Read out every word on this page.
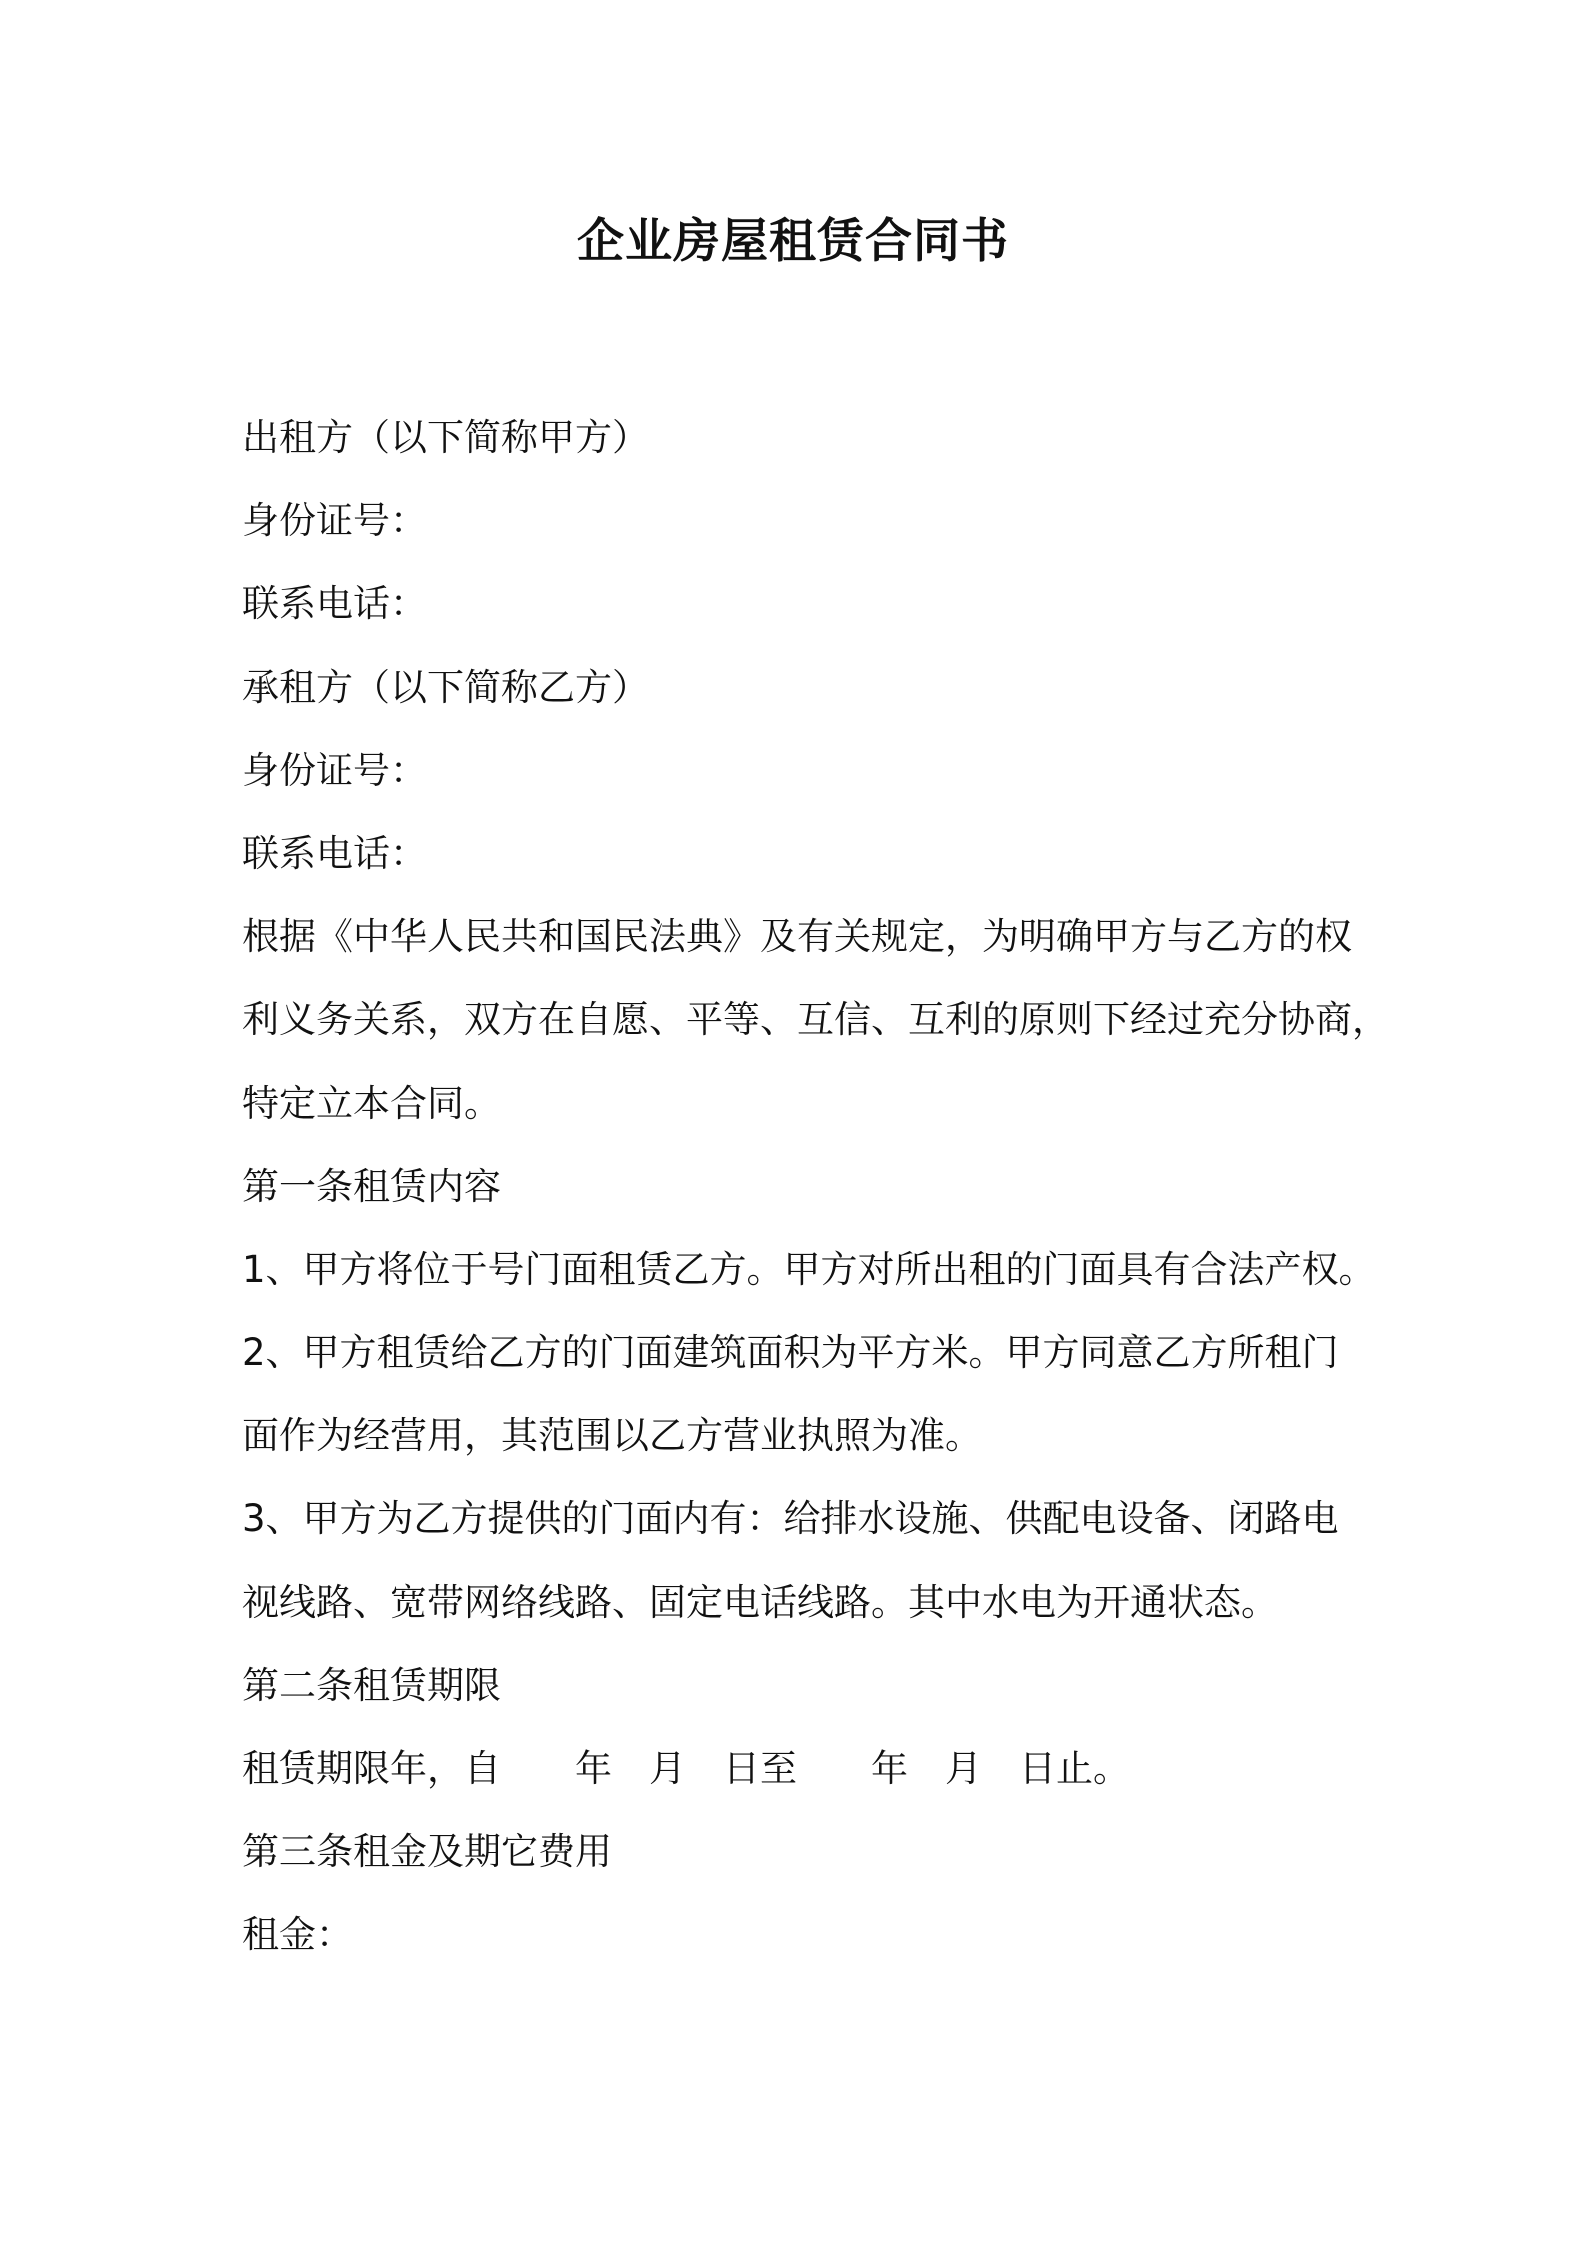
企业房屋租赁合同书
出租方（以下简称甲方）
身份证号：
联系电话：
承租方（以下简称乙方）
身份证号：
联系电话：
根据《中华人民共和国民法典》及有关规定，为明确甲方与乙方的权
利义务关系，双方在自愿、平等、互信、互利的原则下经过充分协商，
特定立本合同。
第一条租赁内容
1、甲方将位于号门面租赁乙方。甲方对所出租的门面具有合法产权。
2、甲方租赁给乙方的门面建筑面积为平方米。甲方同意乙方所租门
面作为经营用，其范围以乙方营业执照为准。
3、甲方为乙方提供的门面内有：给排水设施、供配电设备、闭路电
视线路、宽带网络线路、固定电话线路。其中水电为开通状态。
第二条租赁期限
租赁期限年，自　　年　月　日至　　年　月　日止。
第三条租金及期它费用
租金：
